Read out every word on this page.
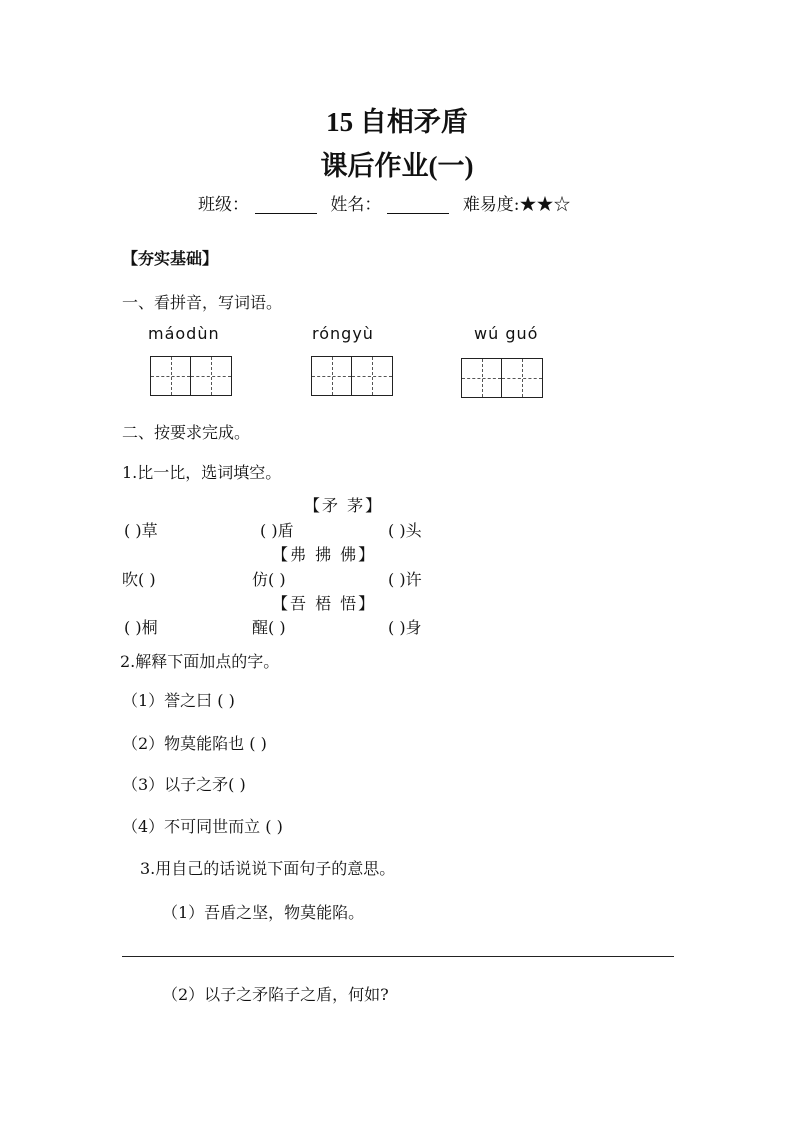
15 自相矛盾
课后作业(一)
班级：	姓名：	难易度:★★☆
【夯实基础】
一、看拼音，写词语。
máodùn	róngyù	wú guó
二、按要求完成。
1.比一比，选词填空。
【矛 茅】
( )草	( )盾	( )头
【弗 拂 佛】
吹( )	仿( )	( )许
【吾 梧 悟】
( )桐	醒( )	( )身
2.解释下面加点的字。
（1）誉之曰 ( )
（2）物莫能陷也 ( )
（3）以子之矛( )
（4）不可同世而立 ( )
3.用自己的话说说下面句子的意思。
（1）吾盾之坚，物莫能陷。
（2）以子之矛陷子之盾，何如?
